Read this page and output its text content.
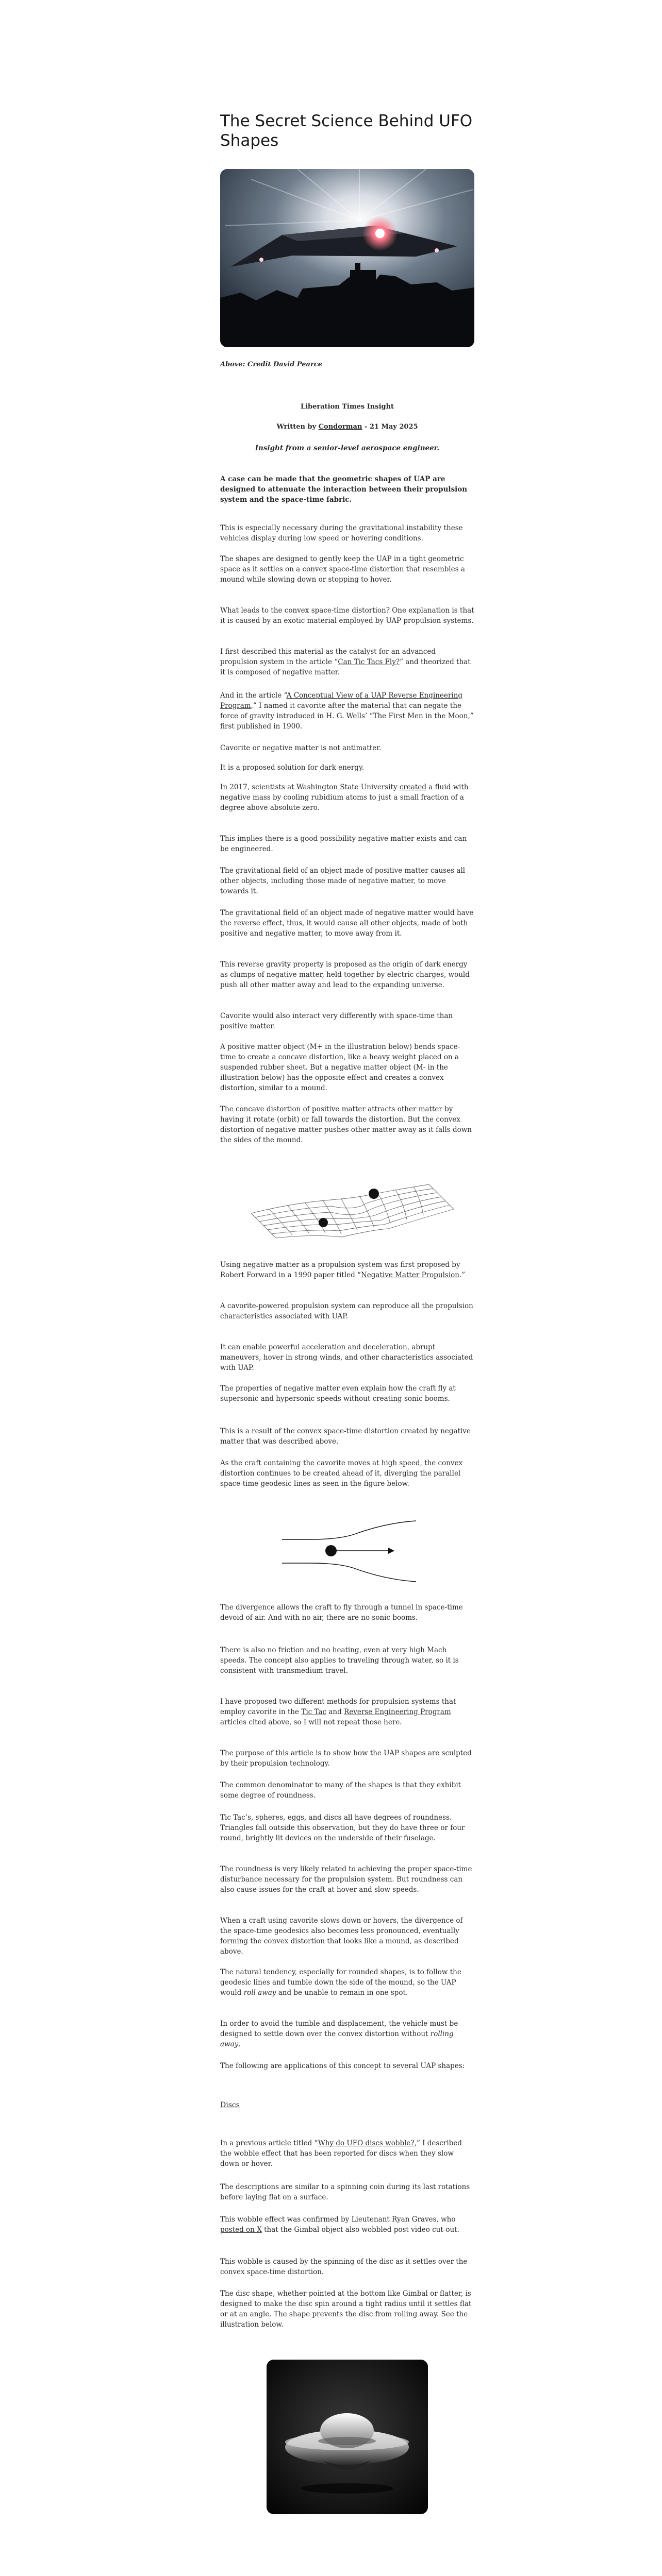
The Secret Science Behind UFO Shapes
Above: Credit David Pearce
Liberation Times Insight
Written by Condorman - 21 May 2025
Insight from a senior-level aerospace engineer.

A case can be made that the geometric shapes of UAP are designed to attenuate the interaction between their propulsion system and the space-time fabric.

This is especially necessary during the gravitational instability these vehicles display during low speed or hovering conditions.

The shapes are designed to gently keep the UAP in a tight geometric space as it settles on a convex space-time distortion that resembles a mound while slowing down or stopping to hover.

What leads to the convex space-time distortion? One explanation is that it is caused by an exotic material employed by UAP propulsion systems.

I first described this material as the catalyst for an advanced propulsion system in the article “Can Tic Tacs Fly?” and theorized that it is composed of negative matter.

And in the article “A Conceptual View of a UAP Reverse Engineering Program,” I named it cavorite after the material that can negate the force of gravity introduced in H. G. Wells’ “The First Men in the Moon,” first published in 1900.

Cavorite or negative matter is not antimatter.

It is a proposed solution for dark energy.

In 2017, scientists at Washington State University created a fluid with negative mass by cooling rubidium atoms to just a small fraction of a degree above absolute zero.

This implies there is a good possibility negative matter exists and can be engineered.

The gravitational field of an object made of positive matter causes all other objects, including those made of negative matter, to move towards it.

The gravitational field of an object made of negative matter would have the reverse effect, thus, it would cause all other objects, made of both positive and negative matter, to move away from it.

This reverse gravity property is proposed as the origin of dark energy as clumps of negative matter, held together by electric charges, would push all other matter away and lead to the expanding universe.

Cavorite would also interact very differently with space-time than positive matter.

A positive matter object (M+ in the illustration below) bends space-time to create a concave distortion, like a heavy weight placed on a suspended rubber sheet. But a negative matter object (M- in the illustration below) has the opposite effect and creates a convex distortion, similar to a mound.

The concave distortion of positive matter attracts other matter by having it rotate (orbit) or fall towards the distortion. But the convex distortion of negative matter pushes other matter away as it falls down the sides of the mound.

Using negative matter as a propulsion system was first proposed by Robert Forward in a 1990 paper titled “Negative Matter Propulsion.”

A cavorite-powered propulsion system can reproduce all the propulsion characteristics associated with UAP.

It can enable powerful acceleration and deceleration, abrupt maneuvers, hover in strong winds, and other characteristics associated with UAP.

The properties of negative matter even explain how the craft fly at supersonic and hypersonic speeds without creating sonic booms.

This is a result of the convex space-time distortion created by negative matter that was described above.

As the craft containing the cavorite moves at high speed, the convex distortion continues to be created ahead of it, diverging the parallel space-time geodesic lines as seen in the figure below.

The divergence allows the craft to fly through a tunnel in space-time devoid of air. And with no air, there are no sonic booms.

There is also no friction and no heating, even at very high Mach speeds. The concept also applies to traveling through water, so it is consistent with transmedium travel.

I have proposed two different methods for propulsion systems that employ cavorite in the Tic Tac and Reverse Engineering Program articles cited above, so I will not repeat those here.

The purpose of this article is to show how the UAP shapes are sculpted by their propulsion technology.

The common denominator to many of the shapes is that they exhibit some degree of roundness.

Tic Tac’s, spheres, eggs, and discs all have degrees of roundness. Triangles fall outside this observation, but they do have three or four round, brightly lit devices on the underside of their fuselage.

The roundness is very likely related to achieving the proper space-time disturbance necessary for the propulsion system. But roundness can also cause issues for the craft at hover and slow speeds.

When a craft using cavorite slows down or hovers, the divergence of the space-time geodesics also becomes less pronounced, eventually forming the convex distortion that looks like a mound, as described above.

The natural tendency, especially for rounded shapes, is to follow the geodesic lines and tumble down the side of the mound, so the UAP would roll away and be unable to remain in one spot.

In order to avoid the tumble and displacement, the vehicle must be designed to settle down over the convex distortion without rolling away.

The following are applications of this concept to several UAP shapes:

Discs

In a previous article titled “Why do UFO discs wobble?,” I described the wobble effect that has been reported for discs when they slow down or hover.

The descriptions are similar to a spinning coin during its last rotations before laying flat on a surface.

This wobble effect was confirmed by Lieutenant Ryan Graves, who posted on X that the Gimbal object also wobbled post video cut-out.

This wobble is caused by the spinning of the disc as it settles over the convex space-time distortion.

The disc shape, whether pointed at the bottom like Gimbal or flatter, is designed to make the disc spin around a tight radius until it settles flat or at an angle. The shape prevents the disc from rolling away. See the illustration below.
